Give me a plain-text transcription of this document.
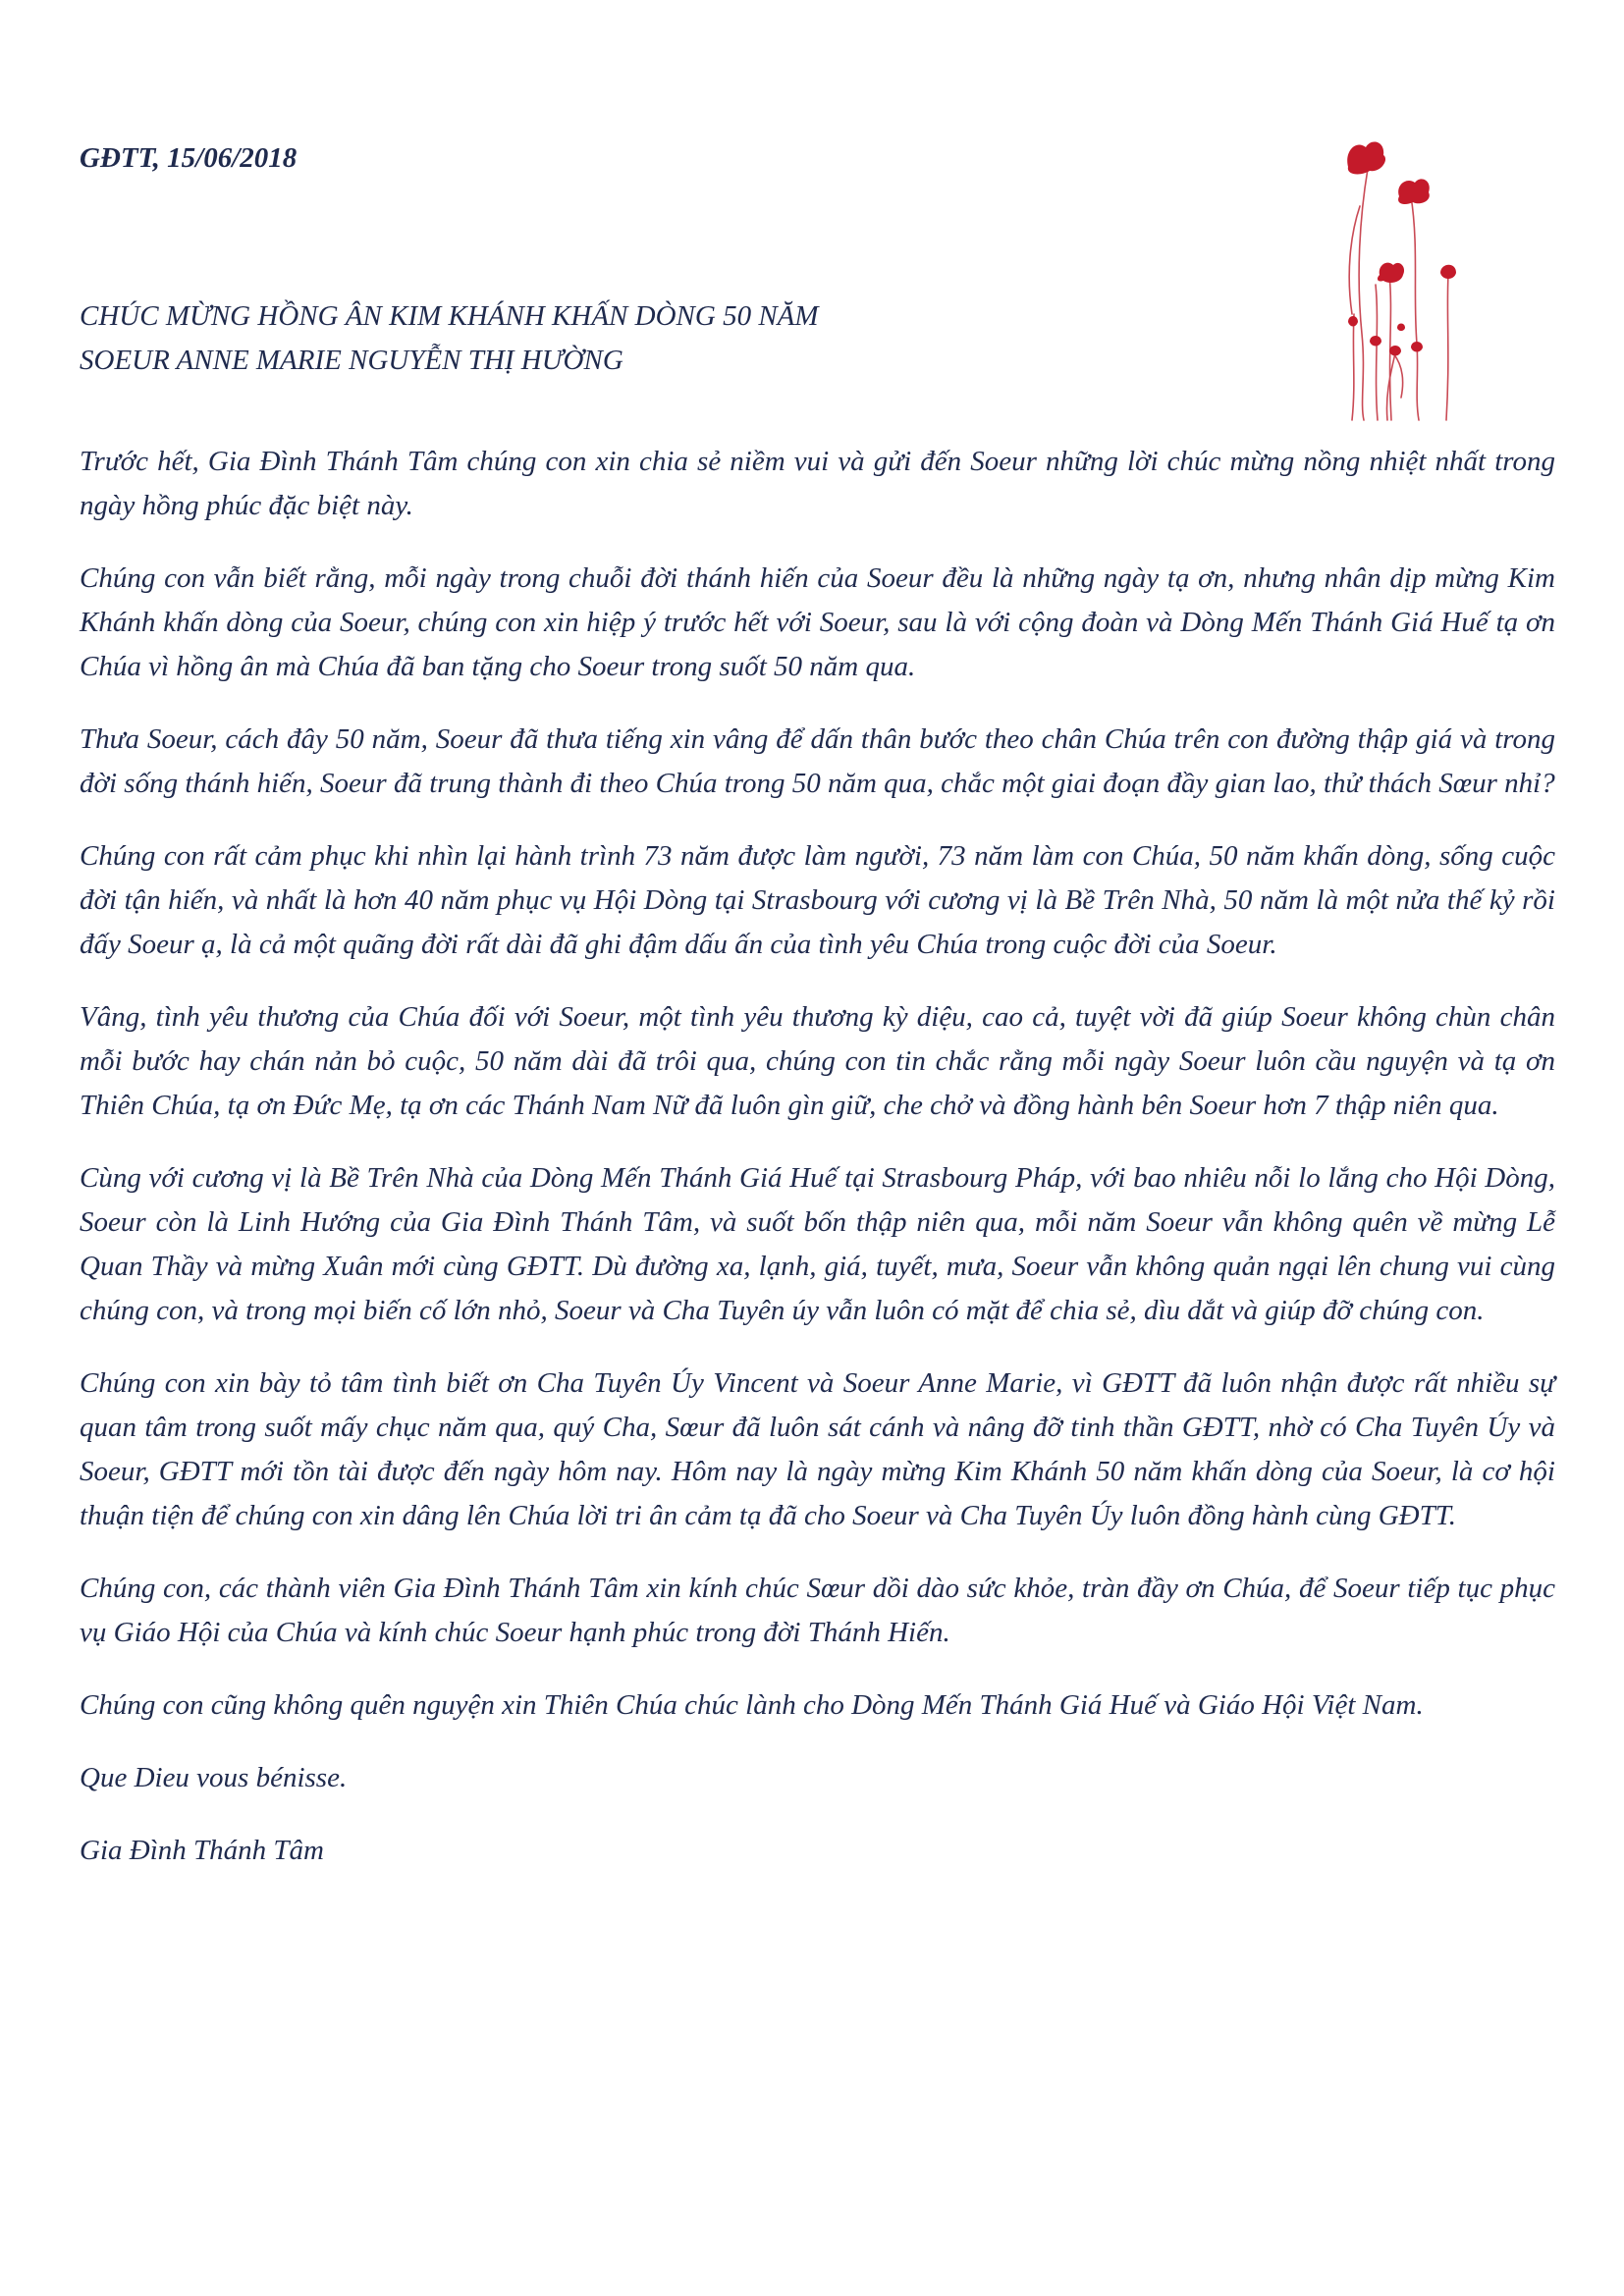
GĐTT, 15/06/2018
CHÚC MỪNG HỒNG ÂN KIM KHÁNH KHẤN DÒNG 50 NĂM
SOEUR ANNE MARIE NGUYỄN THỊ HƯỜNG

Trước hết, Gia Đình Thánh Tâm chúng con xin chia sẻ niềm vui và gửi đến Soeur những lời chúc mừng nồng nhiệt nhất trong ngày hồng phúc đặc biệt này.

Chúng con vẫn biết rằng, mỗi ngày trong chuỗi đời thánh hiến của Soeur đều là những ngày tạ ơn, nhưng nhân dịp mừng Kim Khánh khấn dòng của Soeur, chúng con xin hiệp ý trước hết với Soeur, sau là với cộng đoàn và Dòng Mến Thánh Giá Huế tạ ơn Chúa vì hồng ân mà Chúa đã ban tặng cho Soeur trong suốt 50 năm qua.

Thưa Soeur, cách đây 50 năm, Soeur đã thưa tiếng xin vâng để dấn thân bước theo chân Chúa trên con đường thập giá và trong đời sống thánh hiến, Soeur đã trung thành đi theo Chúa trong 50 năm qua, chắc một giai đoạn đầy gian lao, thử thách Sœur nhỉ?

Chúng con rất cảm phục khi nhìn lại hành trình 73 năm được làm người, 73 năm làm con Chúa, 50 năm khấn dòng, sống cuộc đời tận hiến, và nhất là hơn 40 năm phục vụ Hội Dòng tại Strasbourg với cương vị là Bề Trên Nhà, 50 năm là một nửa thế kỷ rồi đấy Soeur ạ, là cả một quãng đời rất dài đã ghi đậm dấu ấn của tình yêu Chúa trong cuộc đời của Soeur.

Vâng, tình yêu thương của Chúa đối với Soeur, một tình yêu thương kỳ diệu, cao cả, tuyệt vời đã giúp Soeur không chùn chân mỗi bước hay chán nản bỏ cuộc, 50 năm dài đã trôi qua, chúng con tin chắc rằng mỗi ngày Soeur luôn cầu nguyện và tạ ơn Thiên Chúa, tạ ơn Đức Mẹ, tạ ơn các Thánh Nam Nữ đã luôn gìn giữ, che chở và đồng hành bên Soeur hơn 7 thập niên qua.

Cùng với cương vị là Bề Trên Nhà của Dòng Mến Thánh Giá Huế tại Strasbourg Pháp, với bao nhiêu nỗi lo lắng cho Hội Dòng, Soeur còn là Linh Hướng của Gia Đình Thánh Tâm, và suốt bốn thập niên qua, mỗi năm Soeur vẫn không quên về mừng Lễ Quan Thầy và mừng Xuân mới cùng GĐTT. Dù đường xa, lạnh, giá, tuyết, mưa, Soeur vẫn không quản ngại lên chung vui cùng chúng con, và trong mọi biến cố lớn nhỏ, Soeur và Cha Tuyên úy vẫn luôn có mặt để chia sẻ, dìu dắt và giúp đỡ chúng con.

Chúng con xin bày tỏ tâm tình biết ơn Cha Tuyên Úy Vincent và Soeur Anne Marie, vì GĐTT đã luôn nhận được rất nhiều sự quan tâm trong suốt mấy chục năm qua, quý Cha, Sœur đã luôn sát cánh và nâng đỡ tinh thần GĐTT, nhờ có Cha Tuyên Úy và Soeur, GĐTT mới tồn tài được đến ngày hôm nay. Hôm nay là ngày mừng Kim Khánh 50 năm khấn dòng của Soeur, là cơ hội thuận tiện để chúng con xin dâng lên Chúa lời tri ân cảm tạ đã cho Soeur và Cha Tuyên Úy luôn đồng hành cùng GĐTT.

Chúng con, các thành viên Gia Đình Thánh Tâm xin kính chúc Sœur dồi dào sức khỏe, tràn đầy ơn Chúa, để Soeur tiếp tục phục vụ Giáo Hội của Chúa và kính chúc Soeur hạnh phúc trong đời Thánh Hiến.

Chúng con cũng không quên nguyện xin Thiên Chúa chúc lành cho Dòng Mến Thánh Giá Huế và Giáo Hội Việt Nam.

Que Dieu vous bénisse.

Gia Đình Thánh Tâm
